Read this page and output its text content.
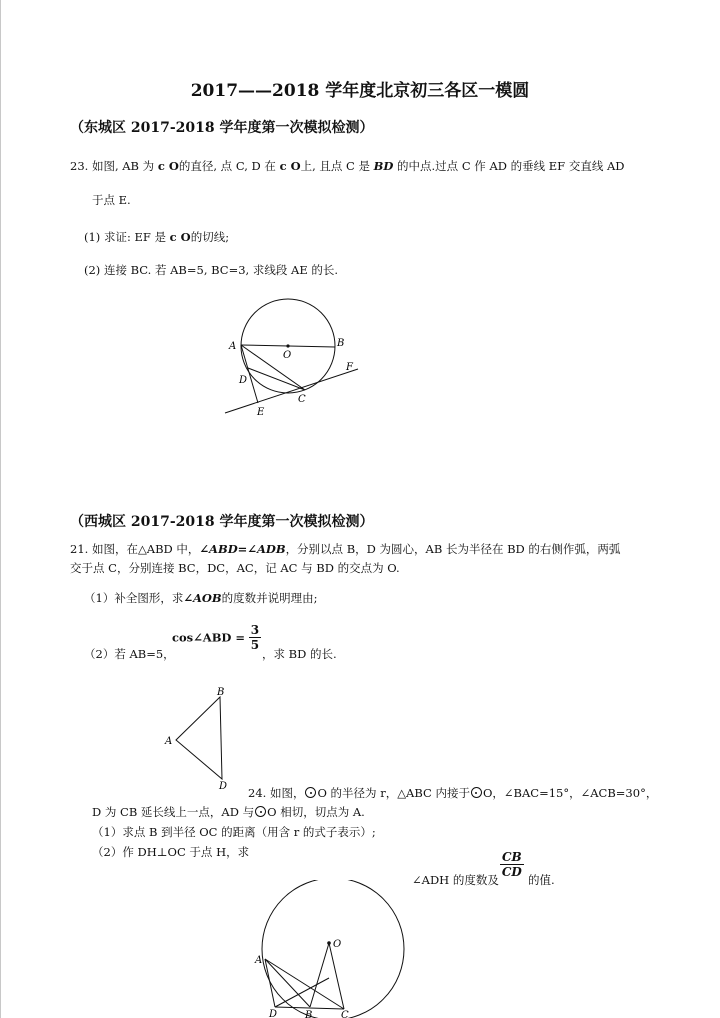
2017——2018 学年度北京初三各区一模圆
（东城区 2017-2018 学年度第一次模拟检测）
23. 如图, AB 为 c O的直径, 点 C, D 在 c O上, 且点 C 是 BD 的中点.过点 C 作 AD 的垂线 EF 交直线 AD
于点 E.
(1) 求证: EF 是 c O的切线;
(2) 连接 BC. 若 AB=5, BC=3, 求线段 AE 的长.
A
O
B
D
C
F
E
（西城区 2017-2018 学年度第一次模拟检测）
21. 如图，在△ABD 中，∠ABD=∠ADB，分别以点 B，D 为圆心，AB 长为半径在 BD 的右侧作弧，两弧
交于点 C，分别连接 BC，DC，AC，记 AC 与 BD 的交点为 O.
（1）补全图形，求∠AOB的度数并说明理由;
（2）若 AB=5，
cos∠ABD = $\frac{3}{5}$
，求 BD 的长.
B
A
D 24. 如图， O 的半径为 r，△ABC 内接于 O，∠BAC=15°，∠ACB=30°，
D 为 CB 延长线上一点，AD 与 O 相切，切点为 A.
（1）求点 B 到半径 OC 的距离（用含 r 的式子表示）;
（2）作 DH⊥OC 于点 H，求
∠ADH 的度数及
$\frac{CB}{CD}$
的值.
O
A
D	B	C
